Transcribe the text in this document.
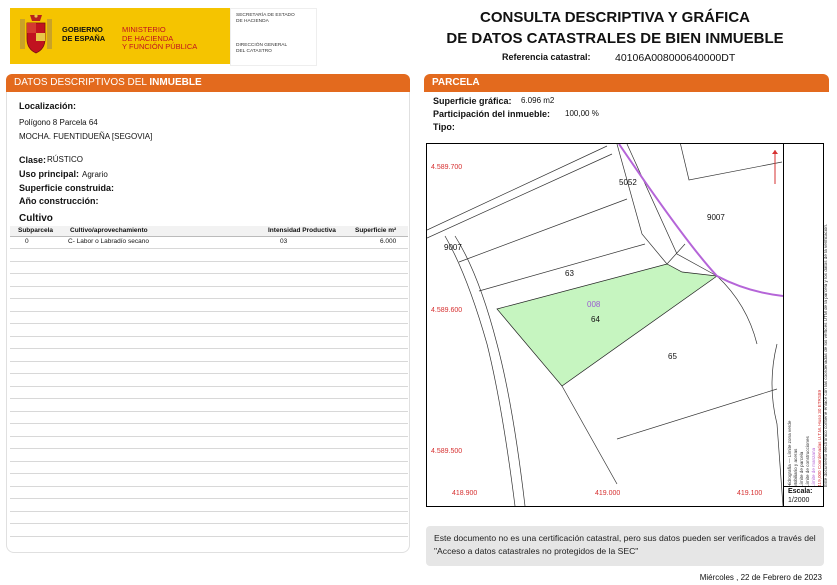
GOBIERNO
DE ESPAÑA
MINISTERIO
DE HACIENDA
Y FUNCIÓN PÚBLICA
SECRETARÍA DE ESTADO
DE HACIENDA
DIRECCIÓN GENERAL
DEL CATASTRO
CONSULTA DESCRIPTIVA Y GRÁFICA
DE DATOS CATASTRALES DE BIEN INMUEBLE
Referencia catastral: 40106A008000640000DT
DATOS DESCRIPTIVOS DEL INMUEBLE
Localización:
Polígono 8 Parcela 64
MOCHA. FUENTIDUEÑA [SEGOVIA]
Clase: RÚSTICO
Uso principal: Agrario
Superficie construida:
Año construcción:
Cultivo
Subparcela	Cultivo/aprovechamiento	Intensidad Productiva	Superficie m²
0	C- Labor o Labradío secano	03	6.000
PARCELA
Superficie gráfica: 6.096 m2
Participación del inmueble: 100,00 %
Tipo:
4.589.700
4.589.600
4.589.500
418.900	419.000	419.100
5052
9007
9007
63
008
64
65
Hidrografía — Límite zona verde
Mobiliario y aceras Límite de parcela Límite de construcciones Límite de manzana 419,000 Coordenadas U.T.M. Huso 30 ETRS89 Este documento electrónico contiene enlace con las coordenadas de los vértices UTM de la parcela y los datos de la verificación.
Escala:
1/2000
Este documento no es una certificación catastral, pero sus datos pueden ser verificados a través del "Acceso a datos catastrales no protegidos de la SEC"
Miércoles , 22 de Febrero de 2023
